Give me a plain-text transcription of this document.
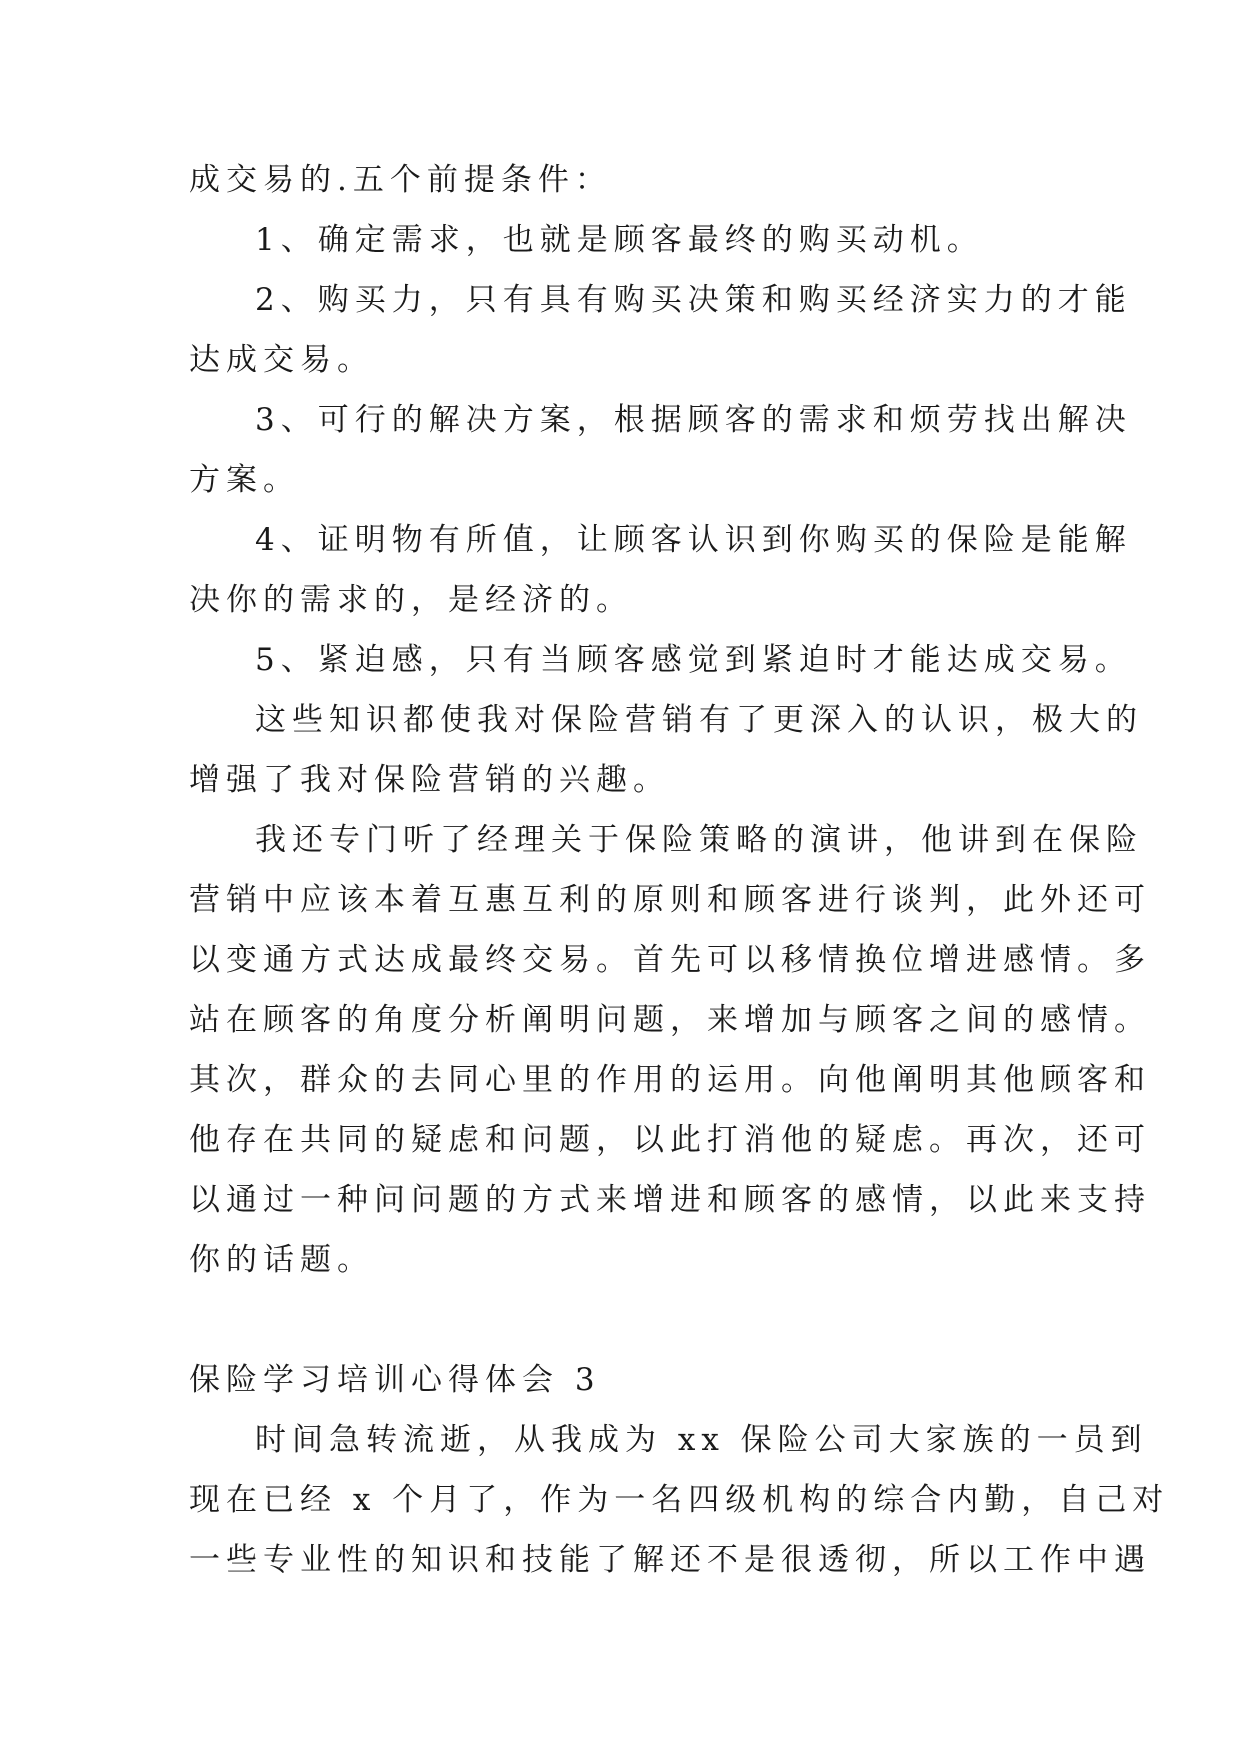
成交易的.五个前提条件：
1、确定需求，也就是顾客最终的购买动机。
2、购买力，只有具有购买决策和购买经济实力的才能
达成交易。
3、可行的解决方案，根据顾客的需求和烦劳找出解决
方案。
4、证明物有所值，让顾客认识到你购买的保险是能解
决你的需求的，是经济的。
5、紧迫感，只有当顾客感觉到紧迫时才能达成交易。
这些知识都使我对保险营销有了更深入的认识，极大的
增强了我对保险营销的兴趣。
我还专门听了经理关于保险策略的演讲，他讲到在保险
营销中应该本着互惠互利的原则和顾客进行谈判，此外还可
以变通方式达成最终交易。首先可以移情换位增进感情。多
站在顾客的角度分析阐明问题，来增加与顾客之间的感情。
其次，群众的去同心里的作用的运用。向他阐明其他顾客和
他存在共同的疑虑和问题，以此打消他的疑虑。再次，还可
以通过一种问问题的方式来增进和顾客的感情，以此来支持
你的话题。
保险学习培训心得体会 3
时间急转流逝，从我成为 xx 保险公司大家族的一员到
现在已经 x 个月了，作为一名四级机构的综合内勤，自己对
一些专业性的知识和技能了解还不是很透彻，所以工作中遇
